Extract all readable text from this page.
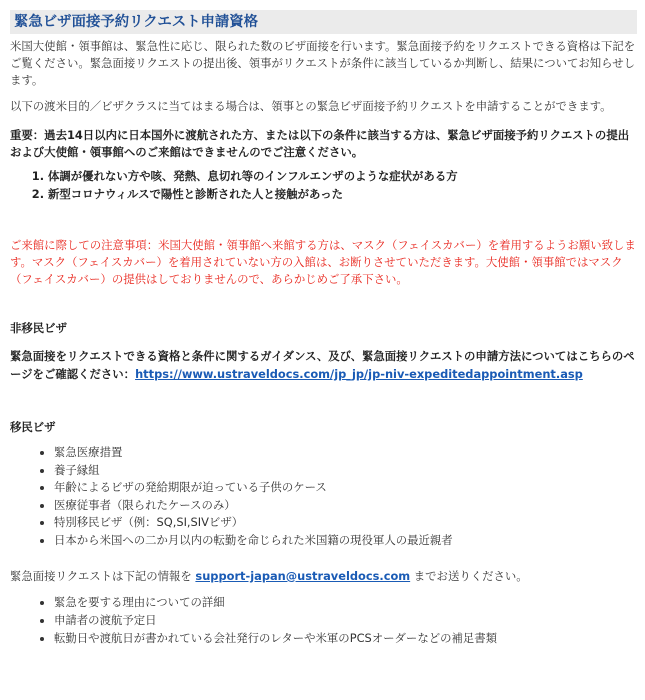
緊急ビザ面接予約リクエスト申請資格

米国大使館・領事館は、緊急性に応じ、限られた数のビザ面接を行います。緊急面接予約をリクエストできる資格は下記をご覧ください。緊急面接リクエストの提出後、領事がリクエストが条件に該当しているか判断し、結果についてお知らせします。

以下の渡米目的／ビザクラスに当てはまる場合は、領事との緊急ビザ面接予約リクエストを申請することができます。

重要：過去14日以内に日本国外に渡航された方、または以下の条件に該当する方は、緊急ビザ面接予約リクエストの提出および大使館・領事館へのご来館はできませんのでご注意ください。

1. 体調が優れない方や咳、発熱、息切れ等のインフルエンザのような症状がある方
2. 新型コロナウィルスで陽性と診断された人と接触があった

ご来館に際しての注意事項：米国大使館・領事館へ来館する方は、マスク（フェイスカバー）を着用するようお願い致します。マスク（フェイスカバー）を着用されていない方の入館は、お断りさせていただきます。大使館・領事館ではマスク（フェイスカバー）の提供はしておりませんので、あらかじめご了承下さい。

非移民ビザ

緊急面接をリクエストできる資格と条件に関するガイダンス、及び、緊急面接リクエストの申請方法についてはこちらのページをご確認ください：https://www.ustraveldocs.com/jp_jp/jp-niv-expeditedappointment.asp

移民ビザ

• 緊急医療措置
• 養子縁組
• 年齢によるビザの発給期限が迫っている子供のケース
• 医療従事者（限られたケースのみ）
• 特別移民ビザ（例：SQ,SI,SIVビザ）
• 日本から米国への二か月以内の転勤を命じられた米国籍の現役軍人の最近親者

緊急面接リクエストは下記の情報を support-japan@ustraveldocs.com までお送りください。

• 緊急を要する理由についての詳細
• 申請者の渡航予定日
• 転勤日や渡航日が書かれている会社発行のレターや米軍のPCSオーダーなどの補足書類
